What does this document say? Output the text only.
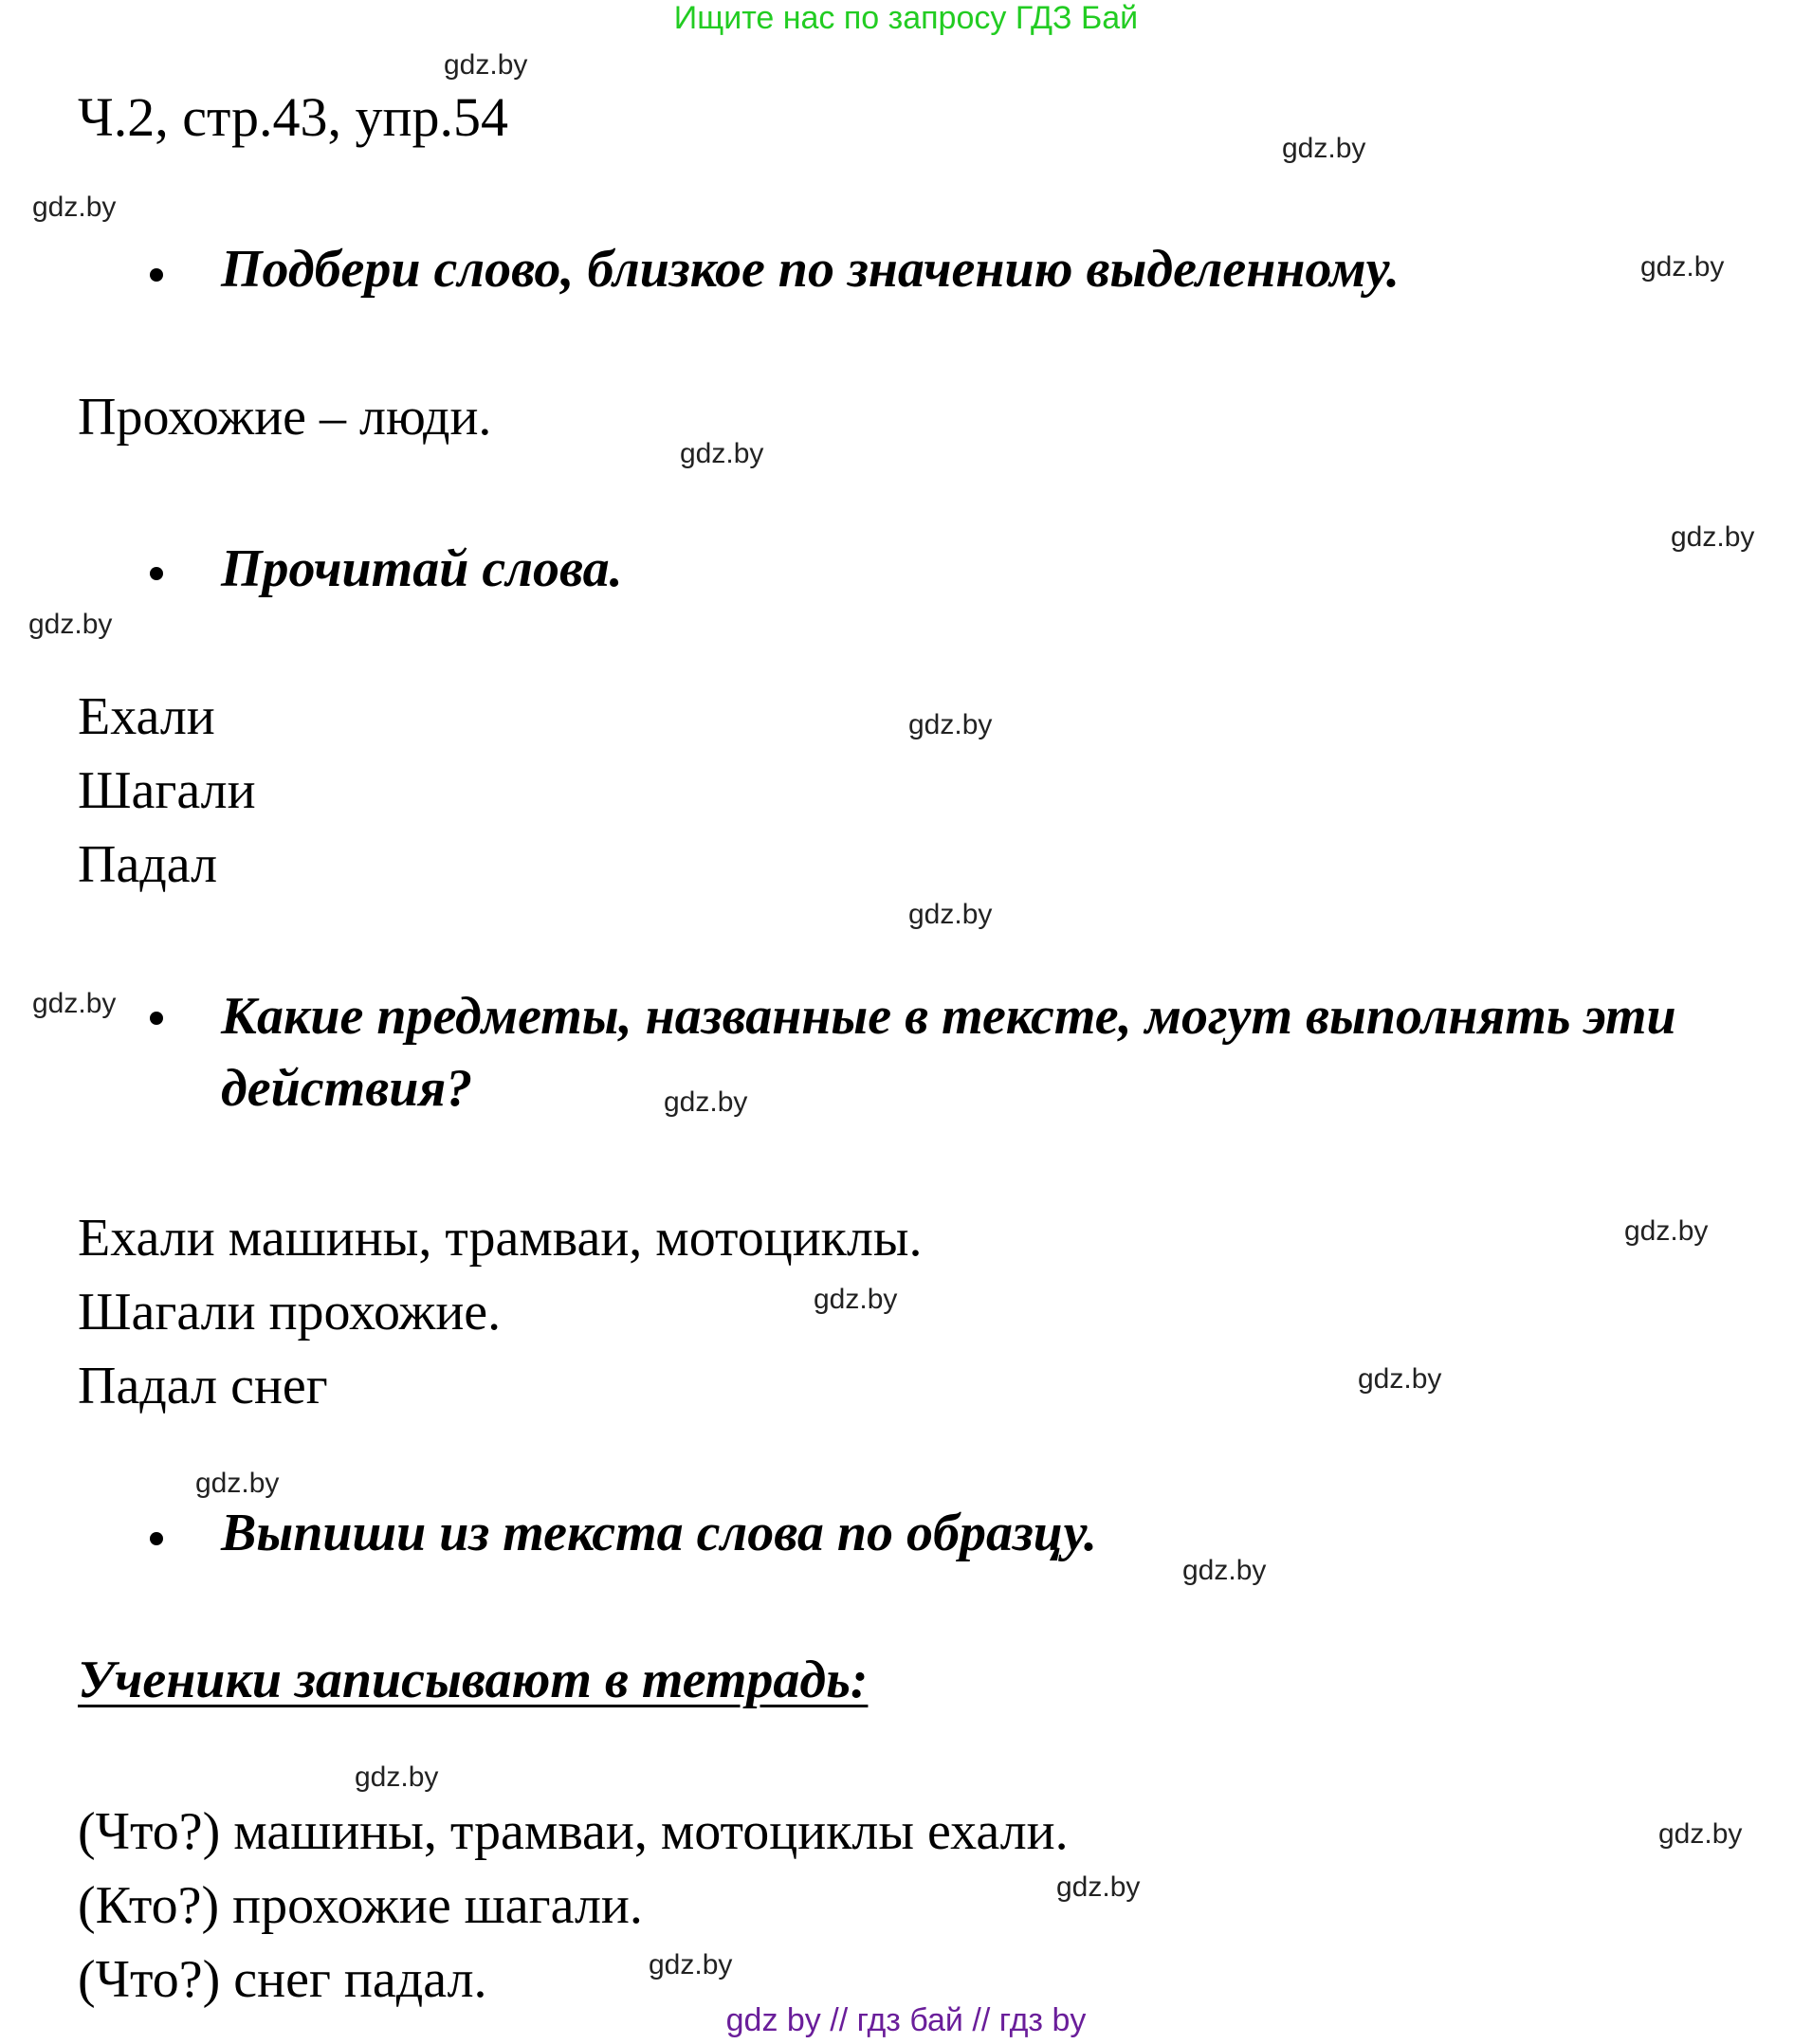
Ищите нас по запросу ГДЗ Бай
Ч.2, стр.43, упр.54
Подбери слово, близкое по значению выделенному.
Прохожие – люди.
Прочитай слова.
Ехали
Шагали
Падал
Какие предметы, названные в тексте, могут выполнять эти действия?
Ехали машины, трамваи, мотоциклы.
Шагали прохожие.
Падал снег
Выпиши из текста слова по образцу.
Ученики записывают в тетрадь:
(Что?) машины, трамваи, мотоциклы ехали.
(Кто?) прохожие шагали.
(Что?) снег падал.
gdz.by
gdz.by
gdz.by
gdz.by
gdz.by
gdz.by
gdz.by
gdz.by
gdz.by
gdz.by
gdz.by
gdz.by
gdz.by
gdz.by
gdz.by
gdz.by
gdz.by
gdz.by
gdz.by
gdz.by
gdz by // гдз бай // гдз by
